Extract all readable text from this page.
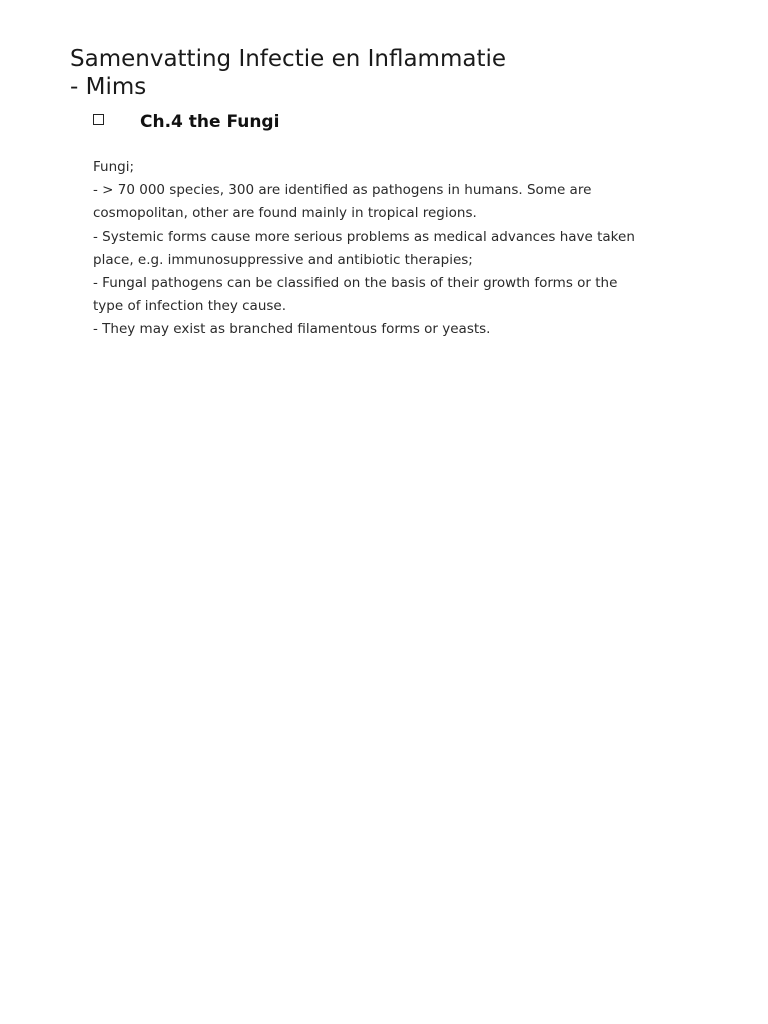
Samenvatting Infectie en Inflammatie
- Mims
Ch.4 the Fungi
Fungi;
- > 70 000 species, 300 are identified as pathogens in humans. Some are
cosmopolitan, other are found mainly in tropical regions.
- Systemic forms cause more serious problems as medical advances have taken
place, e.g. immunosuppressive and antibiotic therapies;
- Fungal pathogens can be classified on the basis of their growth forms or the
type of infection they cause.
- They may exist as branched filamentous forms or yeasts.
